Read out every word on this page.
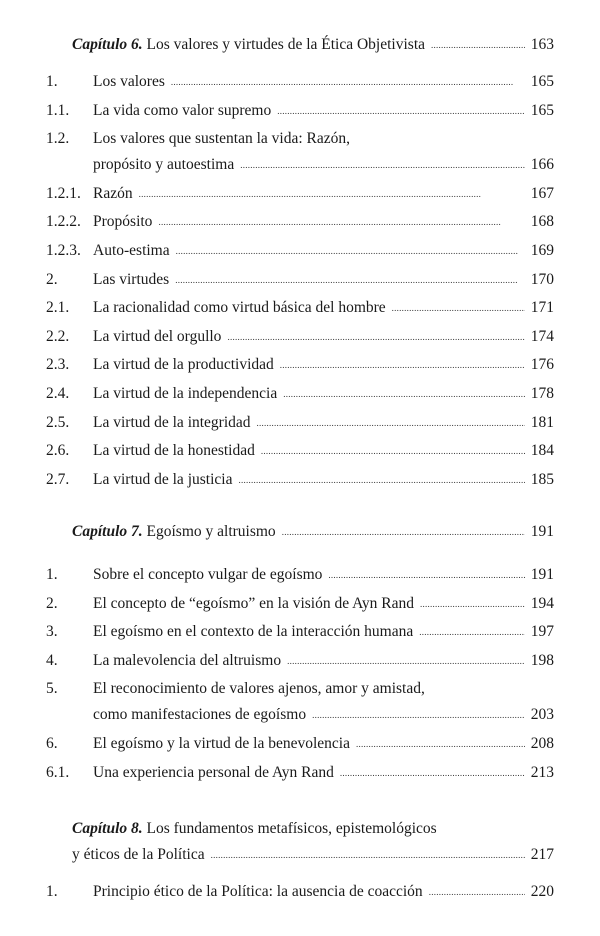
Capítulo 6. Los valores y virtudes de la Ética Objetivista . . .	163
1. Los valores . . .	165
1.1. La vida como valor supremo . . .	165
1.2. Los valores que sustentan la vida: Razón,
propósito y autoestima . . .	166
1.2.1. Razón . . .	167
1.2.2. Propósito . . .	168
1.2.3. Auto-estima . . .	169
2. Las virtudes . . .	170
2.1. La racionalidad como virtud básica del hombre . . .	171
2.2. La virtud del orgullo . . .	174
2.3. La virtud de la productividad . . .	176
2.4. La virtud de la independencia . . .	178
2.5. La virtud de la integridad . . .	181
2.6. La virtud de la honestidad . . .	184
2.7. La virtud de la justicia . . .	185
Capítulo 7. Egoísmo y altruismo . . .	191
1. Sobre el concepto vulgar de egoísmo . . .	191
2. El concepto de “egoísmo” en la visión de Ayn Rand . . .	194
3. El egoísmo en el contexto de la interacción humana . . .	197
4. La malevolencia del altruismo . . .	198
5. El reconocimiento de valores ajenos, amor y amistad,
como manifestaciones de egoísmo . . .	203
6. El egoísmo y la virtud de la benevolencia . . .	208
6.1. Una experiencia personal de Ayn Rand . . .	213
Capítulo 8. Los fundamentos metafísicos, epistemológicos
y éticos de la Política . . .	217
1. Principio ético de la Política: la ausencia de coacción . . .	220
